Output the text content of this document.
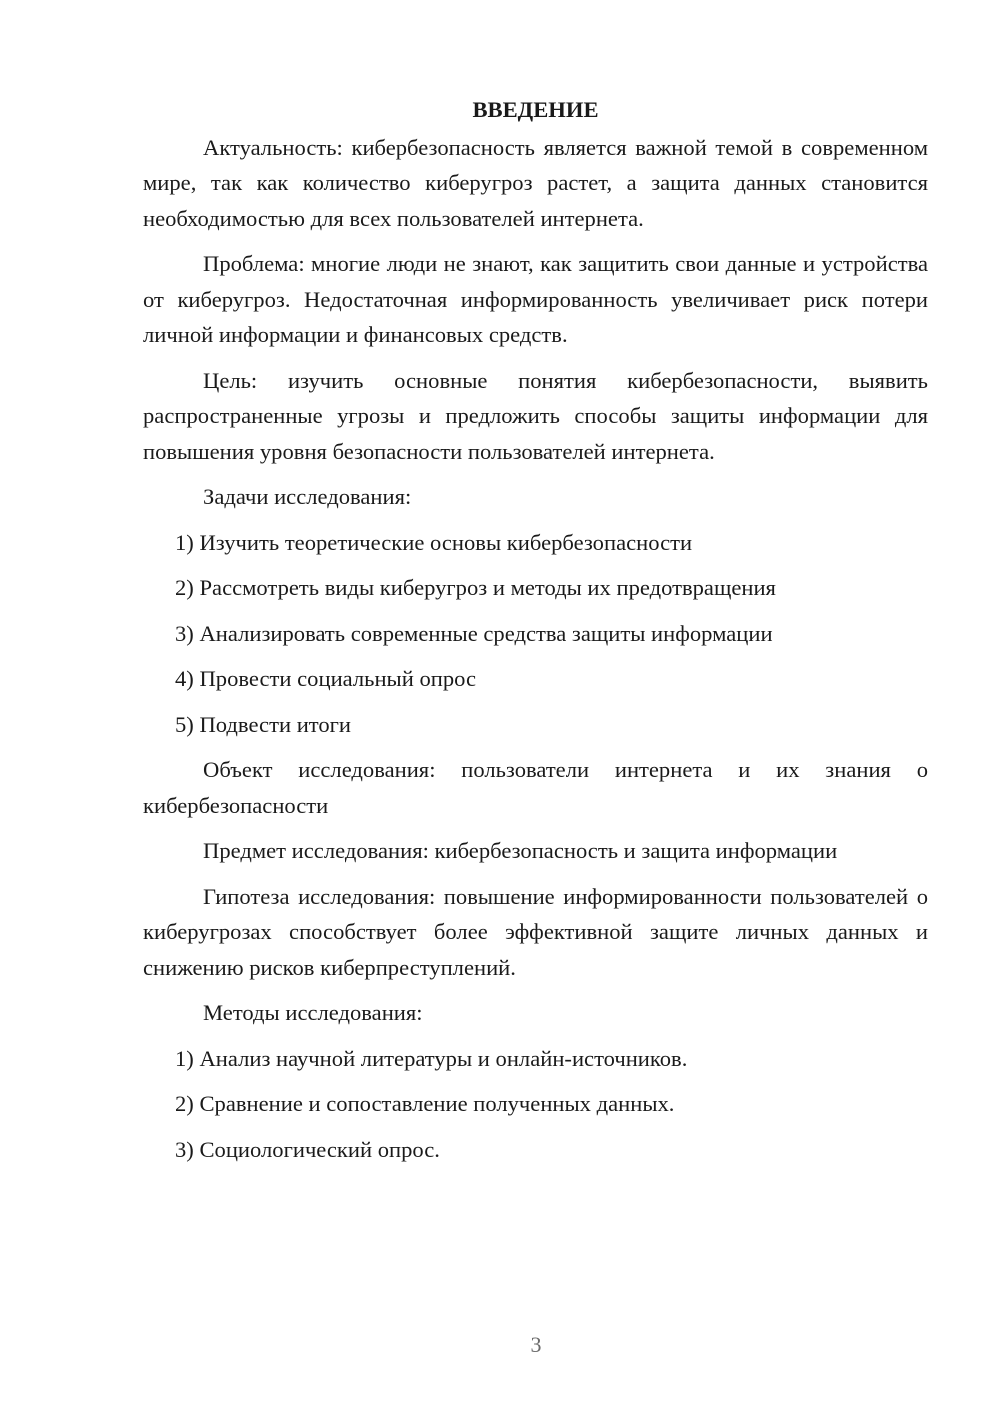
ВВЕДЕНИЕ

Актуальность: кибербезопасность является важной темой в современном мире, так как количество киберугроз растет, а защита данных становится необходимостью для всех пользователей интернета.

Проблема: многие люди не знают, как защитить свои данные и устройства от киберугроз. Недостаточная информированность увеличивает риск потери личной информации и финансовых средств.

Цель: изучить основные понятия кибербезопасности, выявить распространенные угрозы и предложить способы защиты информации для повышения уровня безопасности пользователей интернета.

Задачи исследования:

1) Изучить теоретические основы кибербезопасности
2) Рассмотреть виды киберугроз и методы их предотвращения
3) Анализировать современные средства защиты информации
4) Провести социальный опрос
5) Подвести итоги

Объект исследования: пользователи интернета и их знания о кибербезопасности

Предмет исследования: кибербезопасность и защита информации

Гипотеза исследования: повышение информированности пользователей о киберугрозах способствует более эффективной защите личных данных и снижению рисков киберпреступлений.

Методы исследования:

1) Анализ научной литературы и онлайн-источников.
2) Сравнение и сопоставление полученных данных.
3) Социологический опрос.
3
